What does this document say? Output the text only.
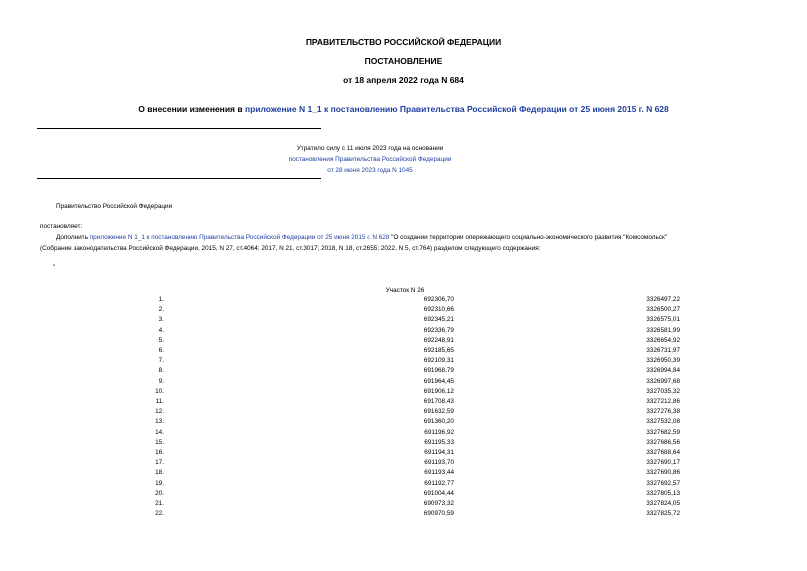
ПРАВИТЕЛЬСТВО РОССИЙСКОЙ ФЕДЕРАЦИИ
ПОСТАНОВЛЕНИЕ
от 18 апреля 2022 года N 684
О внесении изменения в приложение N 1_1 к постановлению Правительства Российской Федерации от 25 июня 2015 г. N 628
Утратило силу с 11 июля 2023 года на основании
постановления Правительства Российской Федерации
от 28 июня 2023 года N 1045
Правительство Российской Федерации
постановляет:
Дополнить приложение N 1_1 к постановлению Правительства Российской Федерации от 25 июня 2015 г. N 628 "О создании территории опережающего социально-экономического развития "Комсомольск"
(Собрание законодательства Российской Федерации, 2015, N 27, ст.4064; 2017, N 21, ст.3017; 2018, N 18, ст.2655; 2022, N 5, ст.764) разделом следующего содержания:
"
Участок N 26
1.	692306,70	3326497,22
2.	692310,66	3326500,27
3.	692345,21	3326575,01
4.	692336,79	3326581,99
5.	692248,91	3326654,92
6.	692185,65	3326731,97
7.	692109,31	3326950,39
8.	691968,79	3326994,84
9.	691964,45	3326997,68
10.	691906,12	3327035,32
11.	691708,43	3327212,86
12.	691632,59	3327276,38
13.	691360,20	3327532,08
14.	691196,92	3327682,59
15.	691195,33	3327686,56
16.	691194,31	3327688,64
17.	691193,70	3327690,17
18.	691193,44	3327690,86
19.	691192,77	3327692,57
20.	691004,44	3327805,13
21.	690973,32	3327824,05
22.	690970,59	3327825,72
